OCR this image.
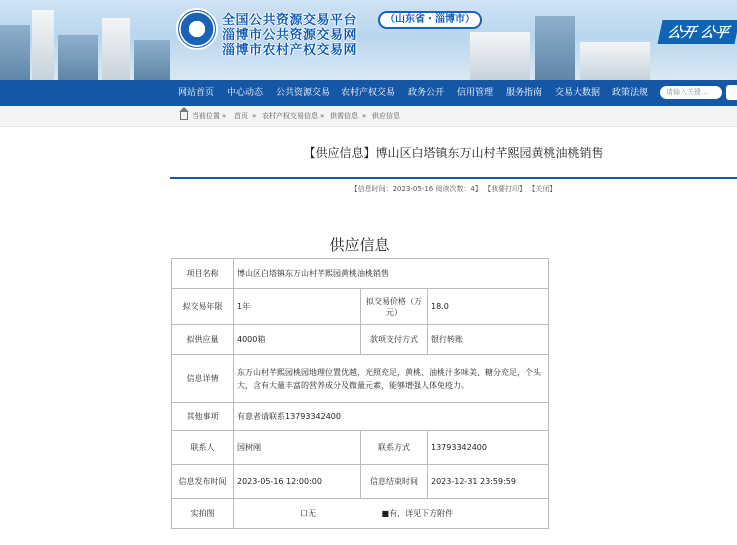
全国公共资源交易平台	（山东省・淄博市）
淄博市公共资源交易网
淄博市农村产权交易网
公开 公平
网站首页 中心动态 公共资源交易 农村产权交易 政务公开 信用管理 服务指南 交易大数据 政策法规	请输入关键...
当前位置 » 首页 » 农村产权交易信息 » 供需信息 » 供应信息
【供应信息】博山区白塔镇东万山村芊熙园黄桃油桃销售
【信息时间：2023-05-16 阅读次数：4】 【我要打印】 【关闭】
供应信息
项目名称	博山区白塔镇东万山村芊熙园黄桃油桃销售		
拟交易年限	1年	拟交易价格（万元）	18.0
拟供应量	4000箱	款项支付方式	银行转账
信息详情	东万山村芊熙园桃园地理位置优越，光照充足，黄桃、油桃汁多味美、糖分充足，个头大，含有大量丰富的营养成分及微量元素，能够增强人体免疫力。		
其他事项	有意者请联系13793342400		
联系人	国树刚	联系方式	13793342400
信息发布时间	2023-05-16 12:00:00	信息结束时间	2023-12-31 23:59:59
实拍图	口无 ■有，详见下方附件		
